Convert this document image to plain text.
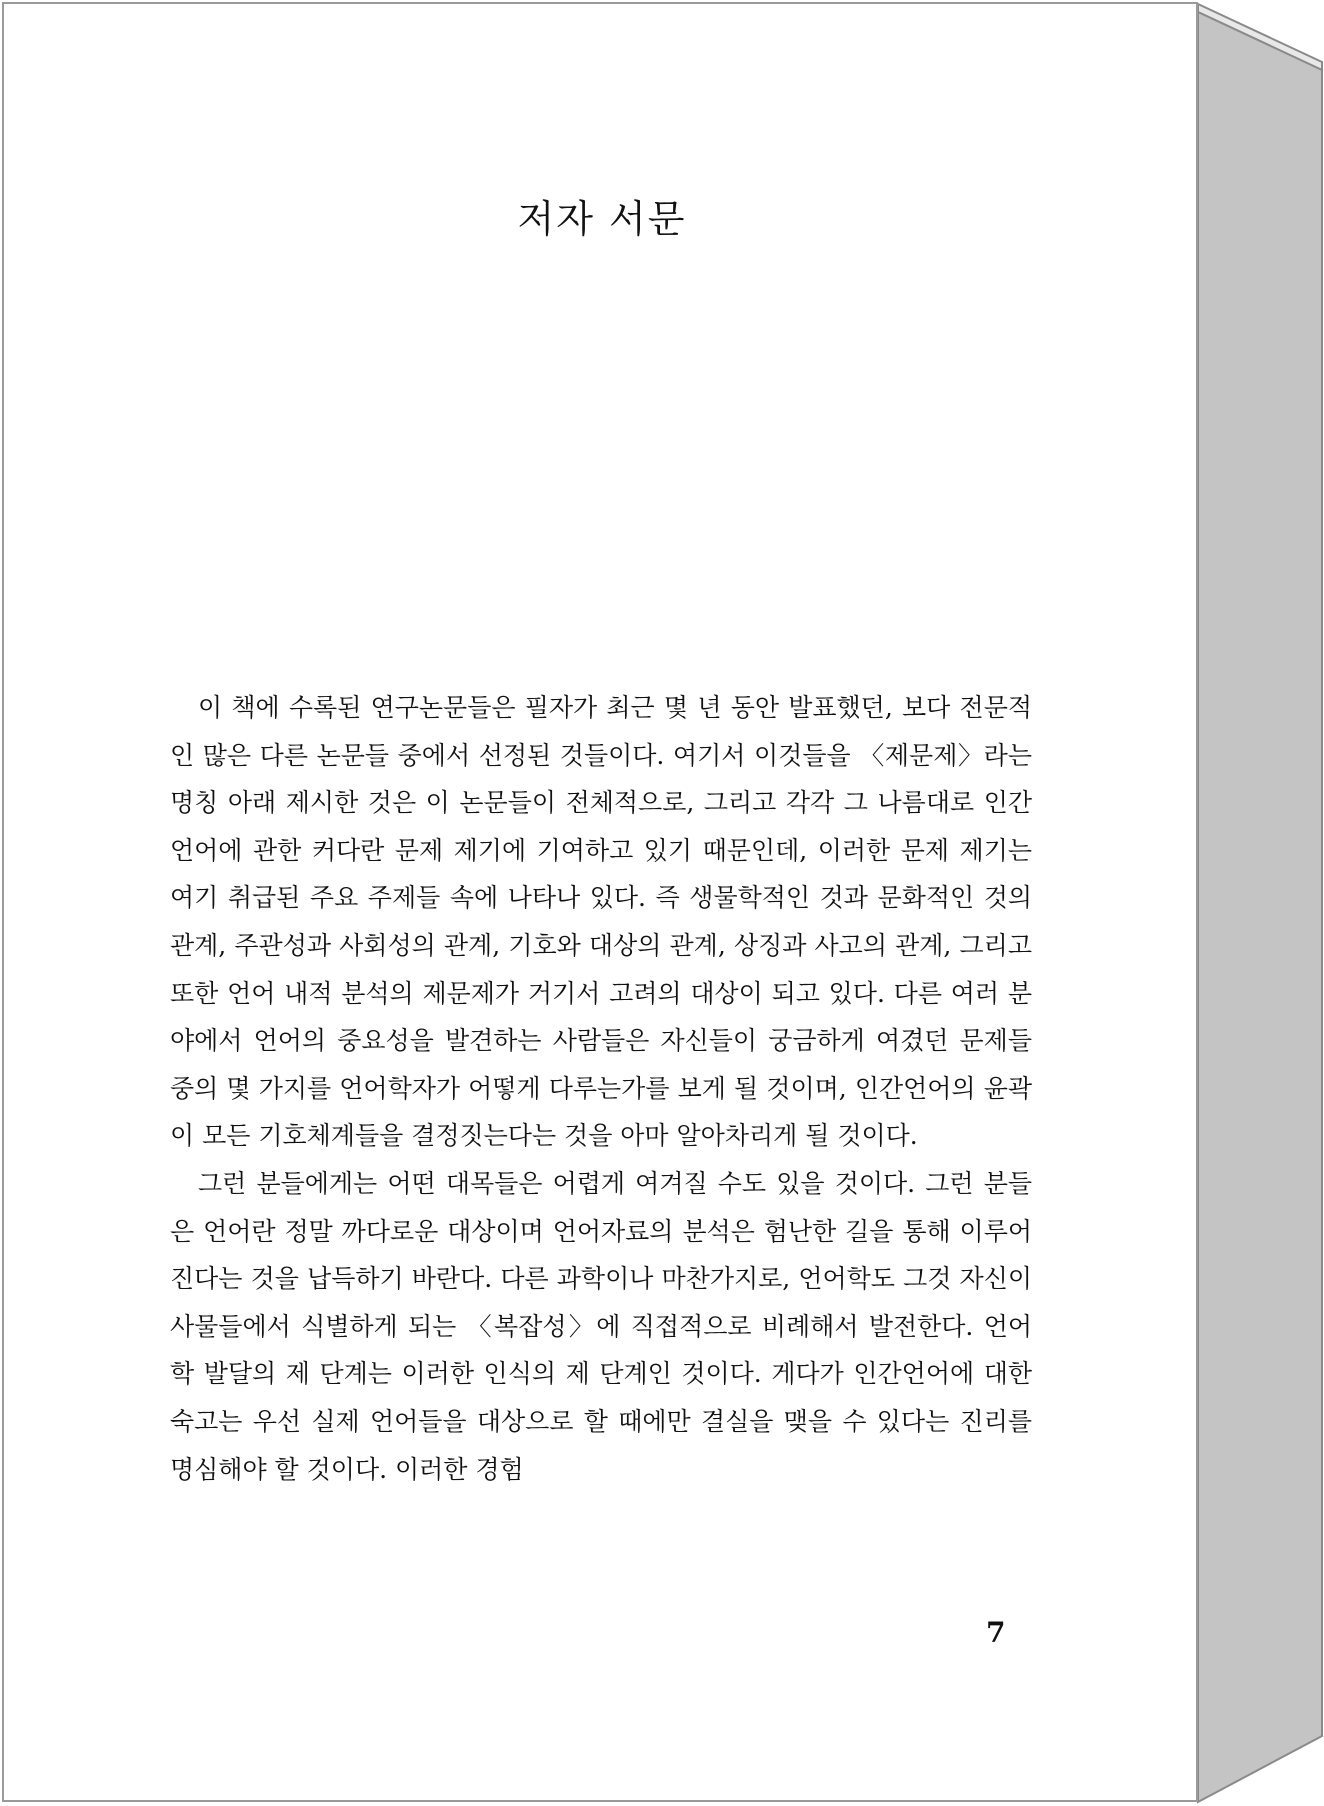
저자 서문

이 책에 수록된 연구논문들은 필자가 최근 몇 년 동안 발표했던, 보다 전문적인 많은 다른 논문들 중에서 선정된 것들이다. 여기서 이것들을 〈제문제〉라는 명칭 아래 제시한 것은 이 논문들이 전체적으로, 그리고 각각 그 나름대로 인간언어에 관한 커다란 문제 제기에 기여하고 있기 때문인데, 이러한 문제 제기는 여기 취급된 주요 주제들 속에 나타나 있다. 즉 생물학적인 것과 문화적인 것의 관계, 주관성과 사회성의 관계, 기호와 대상의 관계, 상징과 사고의 관계, 그리고 또한 언어 내적 분석의 제문제가 거기서 고려의 대상이 되고 있다. 다른 여러 분야에서 언어의 중요성을 발견하는 사람들은 자신들이 궁금하게 여겼던 문제들 중의 몇 가지를 언어학자가 어떻게 다루는가를 보게 될 것이며, 인간언어의 윤곽이 모든 기호체계들을 결정짓는다는 것을 아마 알아차리게 될 것이다.

그런 분들에게는 어떤 대목들은 어렵게 여겨질 수도 있을 것이다. 그런 분들은 언어란 정말 까다로운 대상이며 언어자료의 분석은 험난한 길을 통해 이루어진다는 것을 납득하기 바란다. 다른 과학이나 마찬가지로, 언어학도 그것 자신이 사물들에서 식별하게 되는 〈복잡성〉에 직접적으로 비례해서 발전한다. 언어학 발달의 제 단계는 이러한 인식의 제 단계인 것이다. 게다가 인간언어에 대한 숙고는 우선 실제 언어들을 대상으로 할 때에만 결실을 맺을 수 있다는 진리를 명심해야 할 것이다. 이러한 경험

7
